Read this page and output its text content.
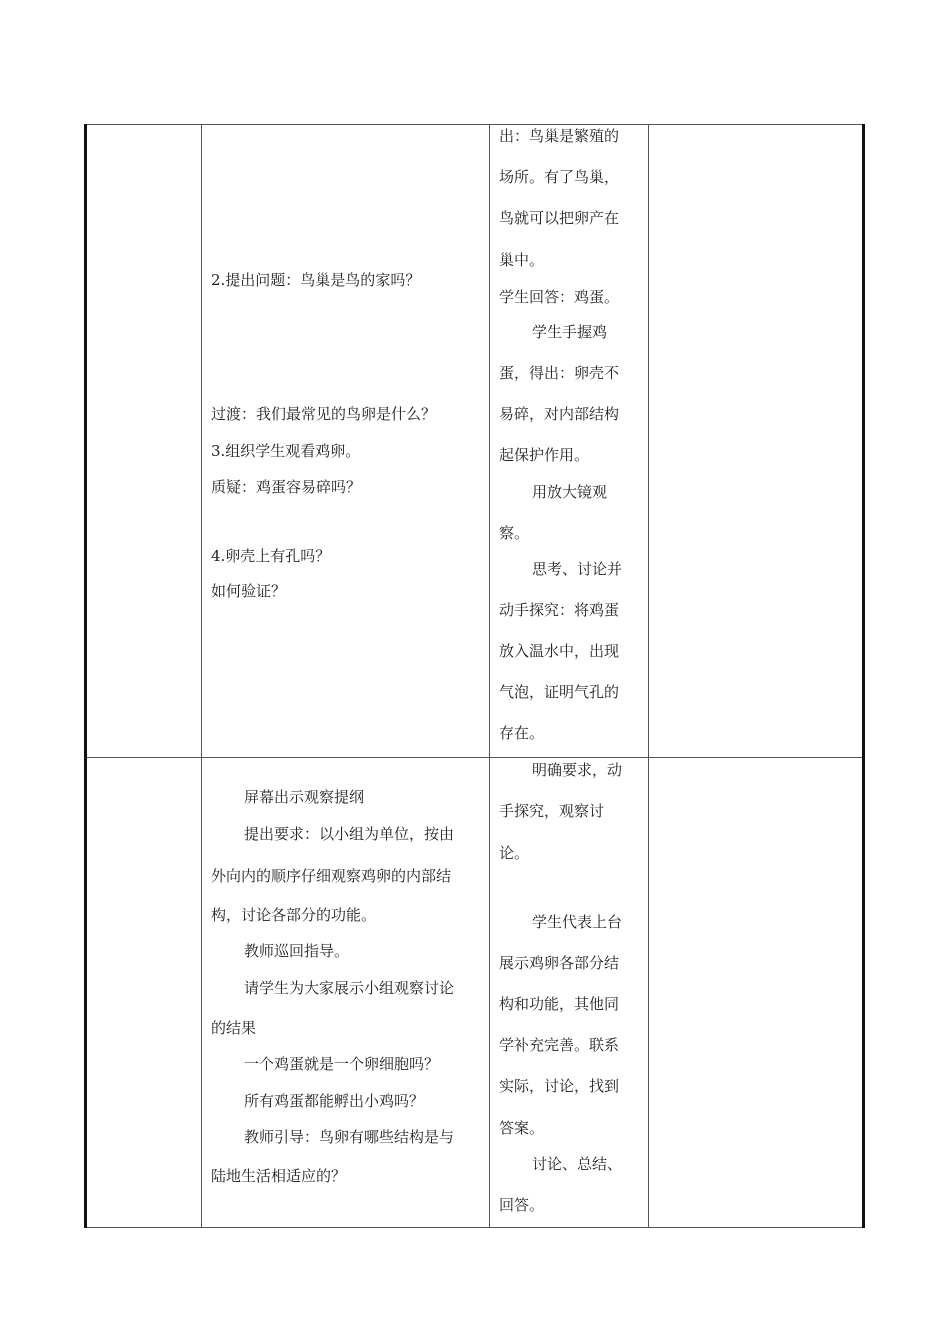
2.提出问题：鸟巢是鸟的家吗？

过渡：我们最常见的鸟卵是什么？

3.组织学生观看鸡卵。

质疑：鸡蛋容易碎吗？

4.卵壳上有孔吗？

如何验证？

出：鸟巢是繁殖的

场所。有了鸟巢，

鸟就可以把卵产在

巢中。

学生回答：鸡蛋。

学生手握鸡

蛋，得出：卵壳不

易碎，对内部结构

起保护作用。

用放大镜观

察。

思考、讨论并

动手探究：将鸡蛋

放入温水中，出现

气泡，证明气孔的

存在。

屏幕出示观察提纲

提出要求：以小组为单位，按由

外向内的顺序仔细观察鸡卵的内部结

构，讨论各部分的功能。

教师巡回指导。

请学生为大家展示小组观察讨论

的结果

一个鸡蛋就是一个卵细胞吗？

所有鸡蛋都能孵出小鸡吗？

教师引导：鸟卵有哪些结构是与

陆地生活相适应的？

明确要求，动

手探究，观察讨

论。

学生代表上台

展示鸡卵各部分结

构和功能，其他同

学补充完善。联系

实际，讨论，找到

答案。

讨论、总结、

回答。
